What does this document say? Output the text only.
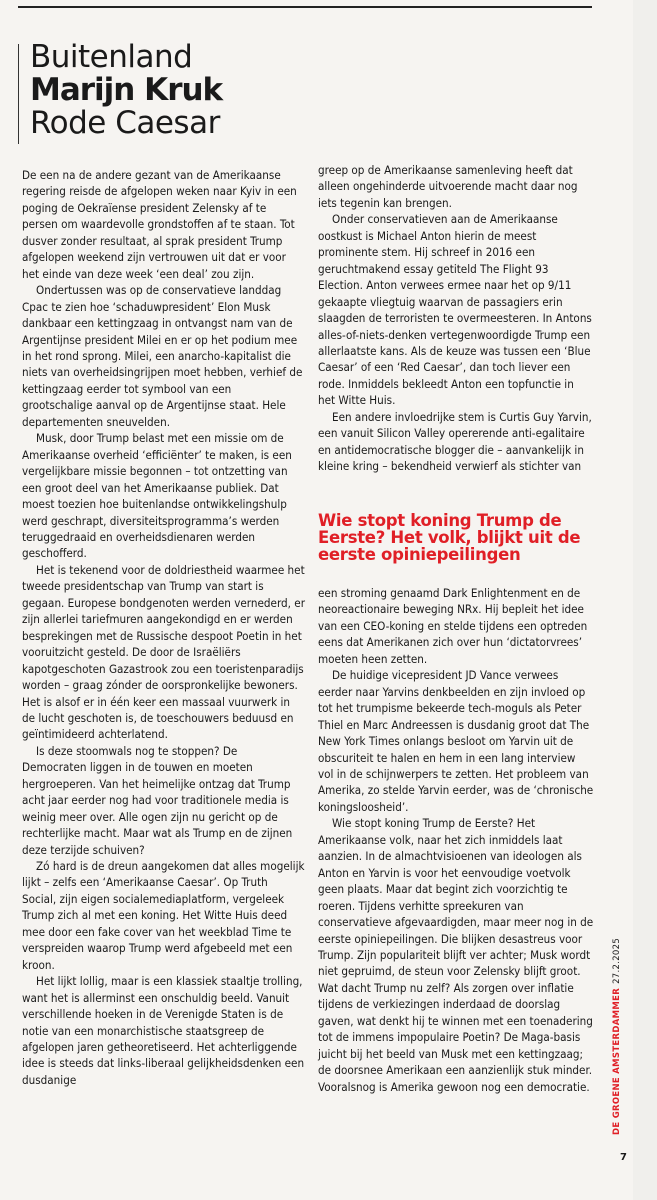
Buitenland
Marijn Kruk
Rode Caesar

De een na de andere gezant van de Amerikaanse regering reisde de afgelopen weken naar Kyiv in een poging de Oekraïense president Zelensky af te persen om waardevolle grondstoffen af te staan. Tot dusver zonder resultaat, al sprak president Trump afgelopen weekend zijn vertrouwen uit dat er voor het einde van deze week ‘een deal’ zou zijn.

Ondertussen was op de conservatieve landdag Cpac te zien hoe ‘schaduwpresident’ Elon Musk dankbaar een kettingzaag in ontvangst nam van de Argentijnse president Milei en er op het podium mee in het rond sprong. Milei, een anarcho-kapitalist die niets van overheidsingrijpen moet hebben, verhief de kettingzaag eerder tot symbool van een grootschalige aanval op de Argentijnse staat. Hele departementen sneuvelden.

Musk, door Trump belast met een missie om de Amerikaanse overheid ‘efficiënter’ te maken, is een vergelijkbare missie begonnen – tot ontzetting van een groot deel van het Amerikaanse publiek. Dat moest toezien hoe buitenlandse ontwikkelingshulp werd geschrapt, diversiteitsprogramma’s werden teruggedraaid en overheidsdienaren werden geschofferd.

Het is tekenend voor de doldriestheid waarmee het tweede presidentschap van Trump van start is gegaan. Europese bondgenoten werden vernederd, er zijn allerlei tariefmuren aangekondigd en er werden besprekingen met de Russische despoot Poetin in het vooruitzicht gesteld. De door de Israëliërs kapotgeschoten Gazastrook zou een toeristenparadijs worden – graag zónder de oorspronkelijke bewoners. Het is alsof er in één keer een massaal vuurwerk in de lucht geschoten is, de toeschouwers beduusd en geïntimideerd achterlatend.

Is deze stoomwals nog te stoppen? De Democraten liggen in de touwen en moeten hergroeperen. Van het heimelijke ontzag dat Trump acht jaar eerder nog had voor traditionele media is weinig meer over. Alle ogen zijn nu gericht op de rechterlijke macht. Maar wat als Trump en de zijnen deze terzijde schuiven?

Zó hard is de dreun aangekomen dat alles mogelijk lijkt – zelfs een ‘Amerikaanse Caesar’. Op Truth Social, zijn eigen socialemediaplatform, vergeleek Trump zich al met een koning. Het Witte Huis deed mee door een fake cover van het weekblad Time te verspreiden waarop Trump werd afgebeeld met een kroon.

Het lijkt lollig, maar is een klassiek staaltje trolling, want het is allerminst een onschuldig beeld. Vanuit verschillende hoeken in de Verenigde Staten is de notie van een monarchistische staatsgreep de afgelopen jaren getheoretiseerd. Het achterliggende idee is steeds dat links-liberaal gelijkheidsdenken een dusdanige

greep op de Amerikaanse samenleving heeft dat alleen ongehinderde uitvoerende macht daar nog iets tegenin kan brengen.

Onder conservatieven aan de Amerikaanse oostkust is Michael Anton hierin de meest prominente stem. Hij schreef in 2016 een geruchtmakend essay getiteld The Flight 93 Election. Anton verwees ermee naar het op 9/11 gekaapte vliegtuig waarvan de passagiers erin slaagden de terroristen te overmeesteren. In Antons alles-of-niets-denken vertegenwoordigde Trump een allerlaatste kans. Als de keuze was tussen een ‘Blue Caesar’ of een ‘Red Caesar’, dan toch liever een rode. Inmiddels bekleedt Anton een topfunctie in het Witte Huis.

Een andere invloedrijke stem is Curtis Guy Yarvin, een vanuit Silicon Valley opererende anti-egalitaire en antidemocratische blogger die – aanvankelijk in kleine kring – bekendheid verwierf als stichter van

Wie stopt koning Trump de Eerste? Het volk, blijkt uit de eerste opiniepeilingen

een stroming genaamd Dark Enlightenment en de neoreactionaire beweging NRx. Hij bepleit het idee van een CEO-koning en stelde tijdens een optreden eens dat Amerikanen zich over hun ‘dictatorvrees’ moeten heen zetten.

De huidige vicepresident JD Vance verwees eerder naar Yarvins denkbeelden en zijn invloed op tot het trumpisme bekeerde tech-moguls als Peter Thiel en Marc Andreessen is dusdanig groot dat The New York Times onlangs besloot om Yarvin uit de obscuriteit te halen en hem in een lang interview vol in de schijnwerpers te zetten. Het probleem van Amerika, zo stelde Yarvin eerder, was de ‘chronische koningsloosheid’.

Wie stopt koning Trump de Eerste? Het Amerikaanse volk, naar het zich inmiddels laat aanzien. In de almachtvisioenen van ideologen als Anton en Yarvin is voor het eenvoudige voetvolk geen plaats. Maar dat begint zich voorzichtig te roeren. Tijdens verhitte spreekuren van conservatieve afgevaardigden, maar meer nog in de eerste opiniepeilingen. Die blijken desastreus voor Trump. Zijn populariteit blijft ver achter; Musk wordt niet gepruimd, de steun voor Zelensky blijft groot. Wat dacht Trump nu zelf? Als zorgen over inflatie tijdens de verkiezingen inderdaad de doorslag gaven, wat denkt hij te winnen met een toenadering tot de immens impopulaire Poetin? De Maga-basis juicht bij het beeld van Musk met een kettingzaag; de doorsnee Amerikaan een aanzienlijk stuk minder. Vooralsnog is Amerika gewoon nog een democratie.	DE GROENE AMSTERDAMMER27.2.2025
7
